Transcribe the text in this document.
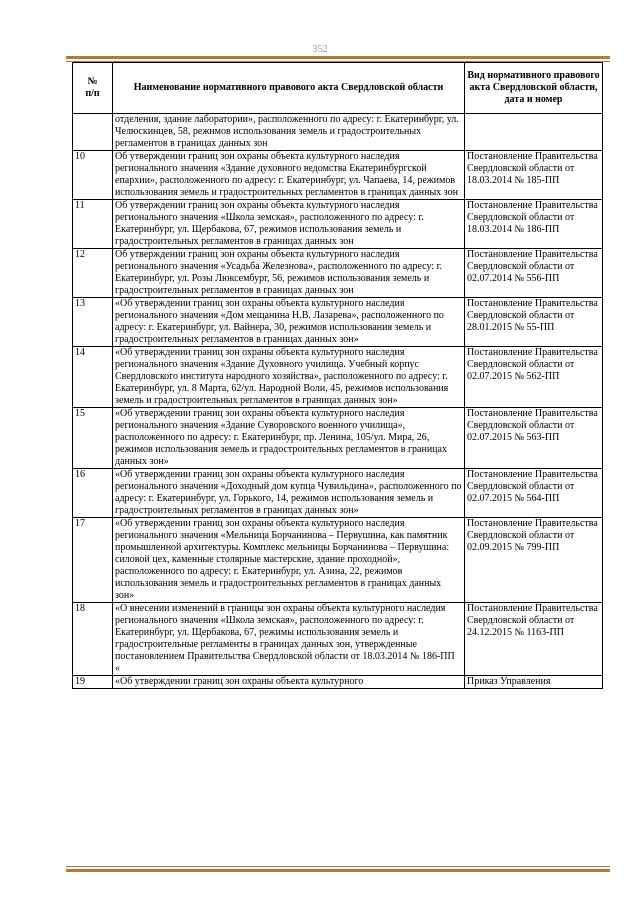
352
№
п/п	Наименование нормативного правового акта Свердловской области	Вид нормативного правового акта Свердловской области, дата и номер
	отделения, здание лаборатории», расположенного по адресу: г. Екатеринбург, ул. Челюскинцев, 58, режимов использования земель и градостроительных регламентов в границах данных зон	
10	Об утверждении границ зон охраны объекта культурного наследия регионального значения «Здание духовного ведомства Екатеринбургской епархии», расположенного по адресу: г. Екатеринбург, ул. Чапаева, 14, режимов использования земель и градостроительных регламентов в границах данных зон	Постановление Правительства Свердловской области от 18.03.2014 № 185-ПП
11	Об утверждении границ зон охраны объекта культурного наследия регионального значения «Школа земская», расположенного по адресу: г. Екатеринбург, ул. Щербакова, 67, режимов использования земель и градостроительных регламентов в границах данных зон	Постановление Правительства Свердловской области от 18.03.2014 № 186-ПП
12	Об утверждении границ зон охраны объекта культурного наследия регионального значения «Усадьба Железнова», расположенного по адресу: г. Екатеринбург, ул. Розы Люксембург, 56, режимов использования земель и градостроительных регламентов в границах данных зон	Постановление Правительства Свердловской области от 02.07.2014 № 556-ПП
13	«Об утверждении границ зон охраны объекта культурного наследия регионального значения «Дом мещанина Н.В. Лазарева», расположенного по адресу: г. Екатеринбург, ул. Вайнера, 30, режимов использования земель и градостроительных регламентов в границах данных зон»	Постановление Правительства Свердловской области от 28.01.2015 № 55-ПП
14	«Об утверждении границ зон охраны объекта культурного наследия регионального значения «Здание Духовного училища. Учебный корпус Свердловского института народного хозяйства», расположенного по адресу: г. Екатеринбург, ул. 8 Марта, 62/ул. Народной Воли, 45, режимов использования земель и градостроительных регламентов в границах данных зон»	Постановление Правительства Свердловской области от 02.07.2015 № 562-ПП
15	«Об утверждении границ зон охраны объекта культурного наследия регионального значения «Здание Суворовского военного училища», расположенного по адресу: г. Екатеринбург, пр. Ленина, 105/ул. Мира, 26, режимов использования земель и градостроительных регламентов в границах данных зон»	Постановление Правительства Свердловской области от 02.07.2015 № 563-ПП
16	«Об утверждении границ зон охраны объекта культурного наследия регионального значения «Доходный дом купца Чувильдина», расположенного по адресу: г. Екатеринбург, ул. Горького, 14, режимов использования земель и градостроительных регламентов в границах данных зон»	Постановление Правительства Свердловской области от 02.07.2015 № 564-ПП
17	«Об утверждении границ зон охраны объекта культурного наследия регионального значения «Мельница Борчанинова – Первушина, как памятник промышленной архитектуры. Комплекс мельницы Борчанинова – Первушина: силовой цех, каменные столярные мастерские, здание проходной», расположенного по адресу: г. Екатеринбург, ул. Азина, 22, режимов использования земель и градостроительных регламентов в границах данных зон»	Постановление Правительства Свердловской области от 02.09.2015 № 799-ПП
18	«О внесении изменений в границы зон охраны объекта культурного наследия регионального значения «Школа земская», расположенного по адресу: г. Екатеринбург, ул. Щербакова, 67, режимы использования земель и градостроительные регламенты в границах данных зон, утвержденные постановлением Правительства Свердловской области от 18.03.2014 № 186-ПП «	Постановление Правительства Свердловской области от 24.12.2015 № 1163-ПП
19	«Об утверждении границ зон охраны объекта культурного	Приказ Управления
